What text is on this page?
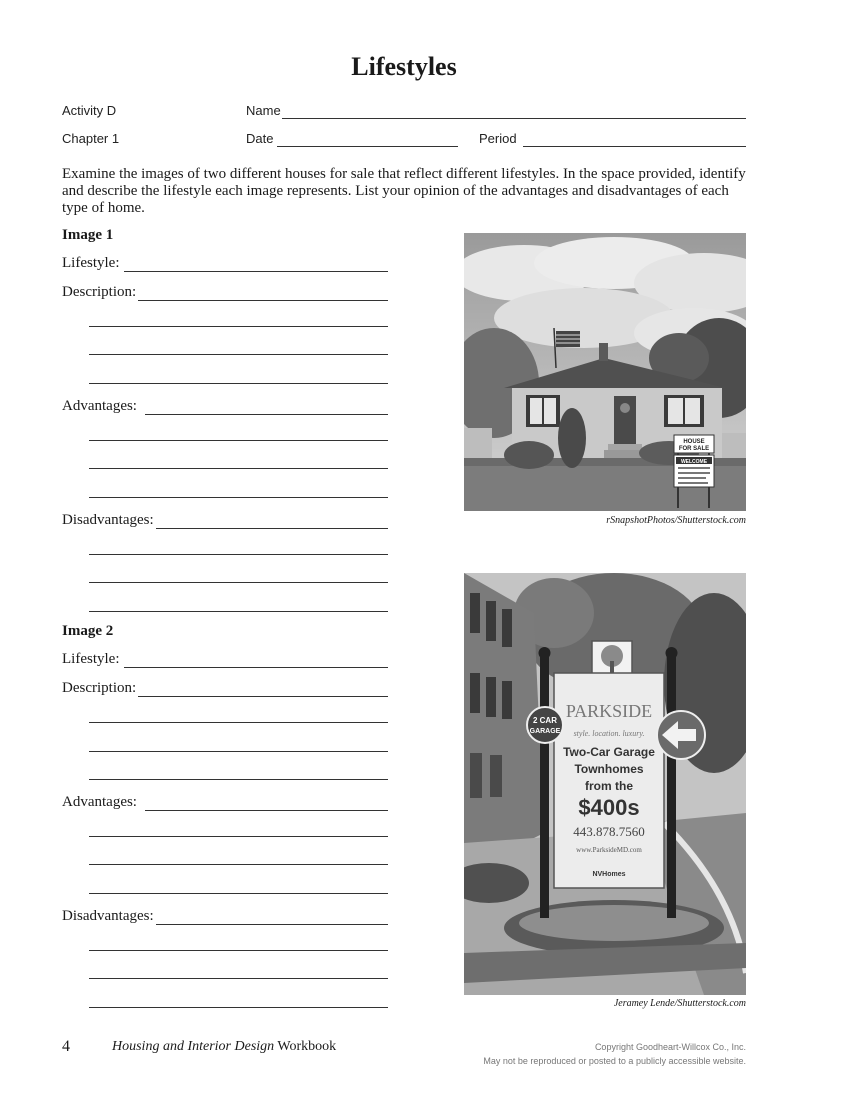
Lifestyles
Activity D	Name
Chapter 1	Date	Period
Examine the images of two different houses for sale that reflect different lifestyles. In the space provided, identify and describe the lifestyle each image represents. List your opinion of the advantages and disadvantages of each type of home.
Image 1
Lifestyle:
Description:
Advantages:
Disadvantages:
HOUSE
FOR SALE
WELCOME
rSnapshotPhotos/Shutterstock.com
Image 2
Lifestyle:
Description:
Advantages:
Disadvantages:
PARKSIDE
style. location. luxury.
Two-Car Garage
Townhomes
from the
$400s
443.878.7560
www.ParksideMD.com
NVHomes
2 CAR
GARAGE
Jeramey Lende/Shutterstock.com
4	Housing and Interior Design Workbook	Copyright Goodheart-Willcox Co., Inc.
May not be reproduced or posted to a publicly accessible website.
